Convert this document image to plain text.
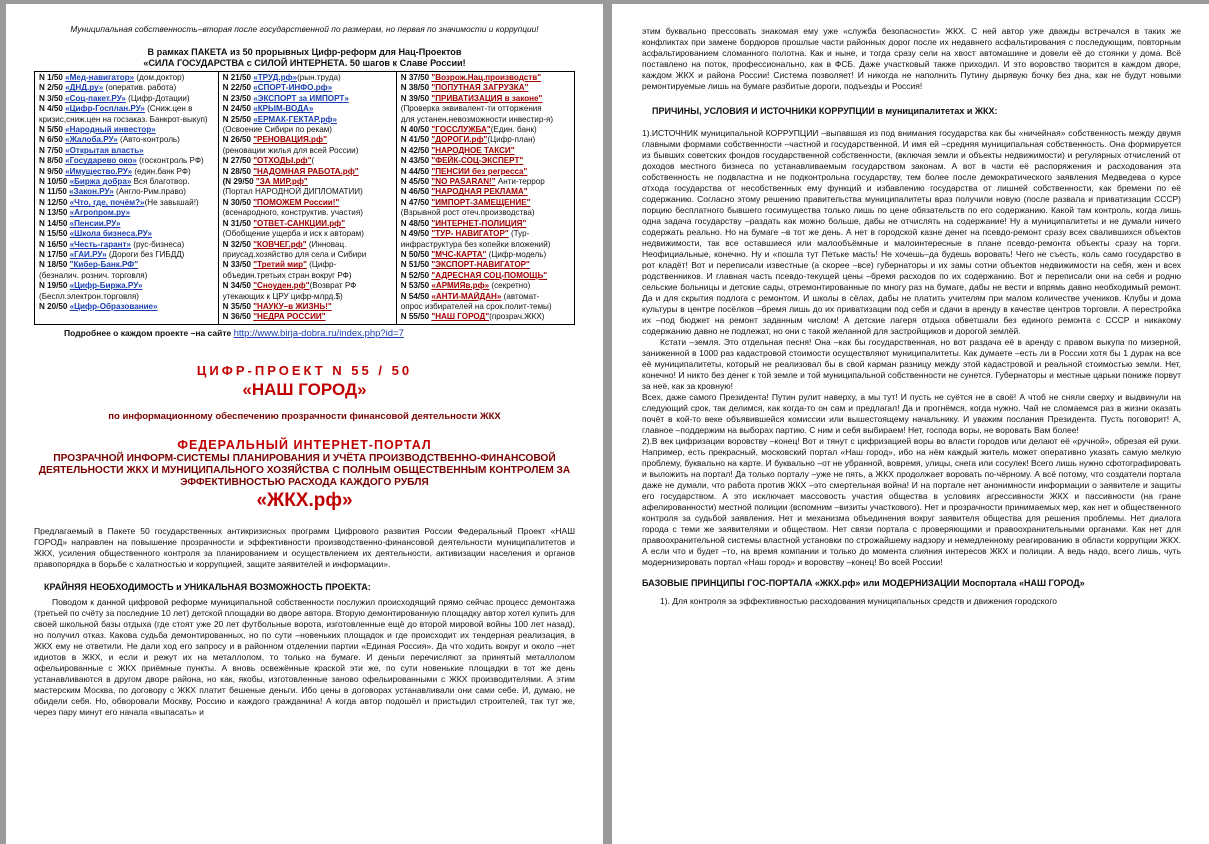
Муниципальная собственность–вторая после государственной по размерам, но первая по значимости и коррупции!

В рамках ПАКЕТА из 50 прорывных Цифр-реформ для Нац-Проектов
«СИЛА ГОСУДАРСТВА с СИЛОЙ ИНТЕРНЕТА. 50 шагов к Славе России!
N 1/50 «Мед-навигатор» (дом.доктор)
N 2/50 «ДНД.ру» (оператив. работа)
N 3/50 «Соц-пакет.РУ» (Цифр-Дотации)
N 4/50 «Цифр-Госплан.РУ» (Сниж.цен в
кризис,сниж.цен на госзаказ. Банкрот-выкуп)
N 5/50 «Народный инвестор»
N 6/50 «Жалоба.РУ» (Авто-контроль)
N 7/50 «Открытая власть»
N 8/50 «Государево око» (госконтроль РФ)
N 9/50 «Имущество.РУ» (един.банк РФ)
N 10/50 «Биржа добра» Вся благотвор.
N 11/50 «Закон.РУ» (Англо-Рим.право)
N 12/50 «Что, где, почём?»(Не завышай!)
N 13/50 «Агропром.ру»
N 14/50 «Пенсии.РУ»
N 15/50 «Школа бизнеса.РУ»
N 16/50 «Честь-гарант» (рус-бизнеса)
N 17/50 «ГАИ.РУ» (Дороги без ГИБДД)
N 18/50 "Кибер-Банк.РФ"
(безналич. рознич. торговля)
N 19/50 «Цифр-Биржа.РУ»
(Беспл.электрон.торговля)
N 20/50 «Цифр-Образование»

N 21/50 «ТРУД.рф»(рын.труда)
N 22/50 «СПОРТ-ИНФО.рф»
N 23/50 «ЭКСПОРТ за ИМПОРТ»
N 24/50 «КРЫМ-ВОДА»
N 25/50 «ЕРМАК-ГЕКТАР.рф»
(Освоение Сибири по рекам)
N 26/50 "РЕНОВАЦИЯ.рф"
(реновации жилья для всей России)
N 27/50 "ОТХОДЫ.рф"(
N 28/50 "НАДОМНАЯ РАБОТА.рф"
(N 29/50 "ЗА МИР.рф"
(Портал НАРОДНОЙ ДИПЛОМАТИИ)
N 30/50 "ПОМОЖЕМ России!"
(всенародного, конструктив. участия)
N 31/50 "ОТВЕТ-САНКЦИИ.рф"
(Обобщение ущерба и иск к авторам)
N 32/50 "КОВЧЕГ.рф" (Инновац.
приусад.хозяйство для села и Сибири
N 33/50 "Третий мир" (Цифр-
объедин.третьих стран вокруг РФ)
N 34/50 "Сноуден.рф"(Возврат РФ
утекающих к ЦРУ цифр-млрд.$)
N 35/50 "НАУКУ–в ЖИЗНЬ!"
N 36/50 "НЕДРА РОССИИ"

N 37/50 "Возрож.Нац.производств"
N 38/50 "ПОПУТНАЯ ЗАГРУЗКА"
N 39/50 "ПРИВАТИЗАЦИЯ в законе"
(Проверка эквивалент-ти отторжения
для устанен.невозможности инвестир-я)
N 40/50 "ГОССЛУЖБА"(Един. банк)
N 41/50 "ДОРОГИ.рф"(Цифр-план)
N 42/50 "НАРОДНОЕ ТАКСИ"
N 43/50 "ФЕЙК-СОЦ-ЭКСПЕРТ"
N 44/50 "ПЕНСИИ без регресса"
N 45/50 "NO PASARAN!" Анти-террор
N 46/50 "НАРОДНАЯ РЕКЛАМА"
N 47/50 "ИМПОРТ-ЗАМЕЩЕНИЕ"
(Взрывной рост отеч.производства)
N 48/50 "ИНТЕРНЕТ-ПОЛИЦИЯ"
N 49/50 "ТУР- НАВИГАТОР" (Тур-
инфраструктура без копейки вложений)
N 50/50 "МЧС-КАРТА" (Цифр-модель)
N 51/50 "ЭКСПОРТ-НАВИГАТОР"
N 52/50 "АДРЕСНАЯ СОЦ-ПОМОЩЬ"
N 53/50 «АРМИЯв.рф» (секретно)
N 54/50 «АНТИ-МАЙДАН» (автомат-
опрос избирателей на срок.полит-темы)
N 55/50 "НАШ ГОРОД"(прозрач.ЖКХ)
Подробнее о каждом проекте –на сайте http://www.birja-dobra.ru/index.php?id=7
ЦИФР-ПРОЕКТ N 55 / 50
«НАШ ГОРОД»
по информационному обеспечению прозрачности финансовой деятельности ЖКХ
ФЕДЕРАЛЬНЫЙ ИНТЕРНЕТ-ПОРТАЛ
ПРОЗРАЧНОЙ ИНФОРМ-СИСТЕМЫ ПЛАНИРОВАНИЯ И УЧЁТА ПРОИЗВОДСТВЕННО-ФИНАНСОВОЙ ДЕЯТЕЛЬНОСТИ ЖКХ И МУНИЦИПАЛЬНОГО ХОЗЯЙСТВА С ПОЛНЫМ ОБЩЕСТВЕННЫМ КОНТРОЛЕМ ЗА ЭФФЕКТИВНОСТЬЮ РАСХОДА КАЖДОГО РУБЛЯ
«ЖКХ.рф»

Предлагаемый в Пакете 50 государственных антикризисных программ Цифрового развития России Федеральный Проект «НАШ ГОРОД» направлен на повышение прозрачности и эффективности производственно-финансовой деятельности муниципалитетов и ЖКХ, усиления общественного контроля за планированием и осуществлением их деятельности, активизации населения и органов правопорядка в борьбе с халатностью и коррупцией, защите заявителей и информации».

КРАЙНЯЯ НЕОБХОДИМОСТЬ и УНИКАЛЬНАЯ ВОЗМОЖНОСТЬ ПРОЕКТА:

Поводом к данной цифровой реформе муниципальной собственности послужил происходящий прямо сейчас процесс демонтажа (третьей по счёту за последние 10 лет) детской площадки во дворе автора. Вторую демонтированную площадку автор хотел купить для своей школьной базы отдыха (где стоят уже 20 лет футбольные ворота, изготовленные ещё до второй мировой войны 100 лет назад), но получил отказ. Какова судьба демонтированных, но по сути –новеньких площадок и где происходит их тендерная реализация, в ЖКХ ему не ответили. Не дали ход его запросу и в районном отделении партии «Единая Россия». Да что ходить вокруг и около –нет идиотов в ЖКХ, и если и режут их на металлолом, то только на бумаге. И деньги перечисляют за принятый металлолом офельированные с ЖКХ приёмные пункты. А вновь освежённые краской эти же, по сути новенькие площадки в тот же день устанавливаются в другом дворе района, но как, якобы, изготовленные заново офельированными с ЖКХ производителями. А этим мастерским Москва, по договору с ЖКХ платит бешеные деньги. Ибо цены в договорах устанавливали они сами себе. И, думаю, не обидели себя. Но, обворовали Москву, Россию и каждого гражданина! А когда автор подошёл и пристыдил строителей, так тут же, через пару минут его начала «выпасать» и

этим буквально прессовать знакомая ему уже «служба безопасности» ЖКХ. С ней автор уже дважды встречался в таких же конфликтах при замене бордюров прошлые части районных дорог после их недавнего асфальтирования с последующим, повторным асфальтированием сломанного полотна. Как и ныне, и тогда сразу сели на хвост автомашине и довели её до стоянки у дома. Всё поставлено на поток, профессионально, как в ФСБ. Даже участковый также приходил. И это воровство творится в каждом дворе, каждом ЖКХ и района России! Система позволяет! И никогда не наполнить Путину дырявую бочку без дна, как не будут новыми ремонтируемые лишь на бумаге разбитые дороги, подъезды и Россия!

ПРИЧИНЫ, УСЛОВИЯ И ИСТОЧНИКИ КОРРУПЦИИ в муниципалитетах и ЖКХ:

1).ИСТОЧНИК муниципальной КОРРУПЦИИ –выпавшая из под внимания государства как бы «ничейная» собственность между двумя главными формами собственности –частной и государственной. И имя ей –средняя муниципальная собственность. Она формируется из бывших советских фондов государственной собственности, (включая земли и объекты недвижимости) и регулярных отчислений от доходов местного бизнеса по устанавливаемым государством законам. А вот в части её распоряжения и расходования эта собственность не подвластна и не подконтрольна государству, тем более после демократического заявления Медведева о курсе отхода государства от несобственных ему функций и избавлению государства от лишней собственности, как бремени по её содержанию. Согласно этому решению правительства муниципалитеты враз получили новую (после развала и приватизации СССР) порцию бесплатного бывшего госимущества только лишь по цене обязательств по его содержанию. Какой там контроль, когда лишь одна задача государству –раздать как можно больше, дабы не отчислять на содержание! Ну а муниципалитеты и не думали ничего содержать реально. Но на бумаге –в тот же день. А нет в городской казне денег на псевдо-ремонт сразу всех свалившихся объектов недвижимости, так все оставшиеся или малообъёмные и малоинтересные в плане псевдо-ремонта объекты сразу на торги. Неофициальные, конечно. Ну и «пошла тут Петьке масть! Не хочешь–да будешь воровать! Чего не съесть, коль само государство в рот кладёт! Вот и переписали известные (а скорее –все) губернаторы и их замы сотни объектов недвижимости на себя, жен и всех родственников. И главная часть псевдо-текущей цены –бремя расходов по их содержанию. Вот и переписали они на себя и родню сельские больницы и детские сады, отремонтированные по многу раз на бумаге, дабы не вести и впрямь давно необходимый ремонт. Да и для скрытия подлога с ремонтом. И школы в сёлах, дабы не платить учителям при малом количестве учеников. Клубы и дома культуры в центре посёлков –бремя лишь до их приватизации под себя и сдачи в аренду в качестве центров торговли. А перестройка их –под бюджет на ремонт заданным числом! А детские лагеря отдыха обветшали без единого ремонта с СССР и никакому содержанию давно не подлежат, но они с такой желанной для застройщиков и дорогой землёй.

Кстати –земля. Это отдельная песня! Она –как бы государственная, но вот раздача её в аренду с правом выкупа по мизерной, заниженной в 1000 раз кадастровой стоимости осуществляют муниципалитеты. Как думаете –есть ли в России хотя бы 1 дурак на все её муниципалитеты, который не реализовал бы в свой карман разницу между этой кадастровой и реальной стоимостью земли. Нет, конечно! И никто без денег к той земле и той муниципальной собственности не сунется. Губернаторы и местные царьки пониже порвут за неё, как за кровную!

Всех, даже самого Президента! Путин рулит наверху, а мы тут! И пусть не суётся не в своё! А чтоб не сняли сверху и выдвинули на следующий срок, так делимся, как когда-то он сам и предлагал! Да и прогнёмся, когда нужно. Чай не сломаемся раз в жизни оказать почёт в кой-то веке объявившейся комиссии или вышестоящему начальнику. И уважим послания Президента. Пусть поговорит! А, главное –поддержим на выборах партию. С ним и себя выбираем! Нет, господа воры, не воровать Вам более!

2).В век цифризации воровству –конец! Вот и тянут с цифризацией воры во власти городов или делают её «ручной», обрезая ей руки. Например, есть прекрасный, московский портал «Наш город», ибо на нём каждый житель может оперативно указать самую мелкую проблему, буквально на карте. И буквально –от не убранной, вовремя, улицы, снега или сосулек! Всего лишь нужно сфотографировать и выложить на портал! Да только порталу –уже не пять, а ЖКХ продолжает воровать по-чёрному. А всё потому, что создатели портала даже не думали, что работа против ЖКХ –это смертельная война! И на портале нет анонимности информации о заявителе и защиты его государством. А это исключает массовость участия общества в условиях агрессивности ЖКХ и пассивности (на гране афелированности) местной полиции (вспомним –визиты участкового). Нет и прозрачности принимаемых мер, как нет и общественного контроля за судьбой заявления. Нет и механизма объединения вокруг заявителя общества для решения проблемы. Нет диалога города с теми же заявителями и обществом. Нет связи портала с проверяющими и правоохранительными органами. Как нет для правоохранительной системы властной установки по строжайшему надзору и немедленному реагированию в области коррупции ЖКХ. А если что и будет –то, на время компании и только до момента слияния интересов ЖКХ и полиции. А ведь надо, всего лишь, чуть модернизировать портал «Наш город» и воровству –конец! Во всей России!

БАЗОВЫЕ ПРИНЦИПЫ ГОС-ПОРТАЛА «ЖКХ.рф» или МОДЕРНИЗАЦИИ Моспортала «НАШ ГОРОД»

1). Для контроля за эффективностью расходования муниципальных средств и движения городского
